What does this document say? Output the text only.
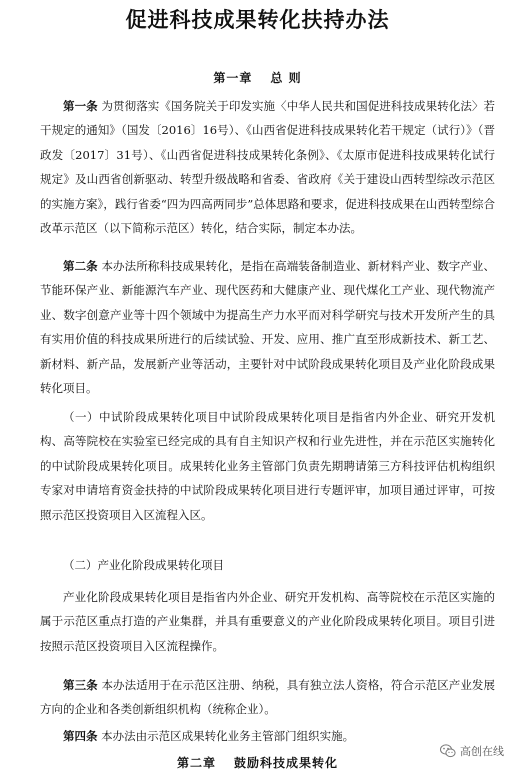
促进科技成果转化扶持办法
第一章 总 则

第一条 为贯彻落实《国务院关于印发实施〈中华人民共和国促进科技成果转化法〉若干规定的通知》（国发〔2016〕16号）、《山西省促进科技成果转化若干规定（试行）》（晋政发〔2017〕31号）、《山西省促进科技成果转化条例》、《太原市促进科技成果转化试行规定》及山西省创新驱动、转型升级战略和省委、省政府《关于建设山西转型综改示范区的实施方案》，践行省委“四为四高两同步”总体思路和要求，促进科技成果在山西转型综合改革示范区（以下简称示范区）转化，结合实际，制定本办法。

第二条 本办法所称科技成果转化，是指在高端装备制造业、新材料产业、数字产业、节能环保产业、新能源汽车产业、现代医药和大健康产业、现代煤化工产业、现代物流产业、数字创意产业等十四个领域中为提高生产力水平而对科学研究与技术开发所产生的具有实用价值的科技成果所进行的后续试验、开发、应用、推广直至形成新技术、新工艺、新材料、新产品，发展新产业等活动，主要针对中试阶段成果转化项目及产业化阶段成果转化项目。

（一）中试阶段成果转化项目中试阶段成果转化项目是指省内外企业、研究开发机构、高等院校在实验室已经完成的具有自主知识产权和行业先进性，并在示范区实施转化的中试阶段成果转化项目。成果转化业务主管部门负责先期聘请第三方科技评估机构组织专家对申请培育资金扶持的中试阶段成果转化项目进行专题评审，加项目通过评审，可按照示范区投资项目入区流程入区。

（二）产业化阶段成果转化项目

产业化阶段成果转化项目是指省内外企业、研究开发机构、高等院校在示范区实施的属于示范区重点打造的产业集群，并具有重要意义的产业化阶段成果转化项目。项目引进按照示范区投资项目入区流程操作。

第三条 本办法适用于在示范区注册、纳税，具有独立法人资格，符合示范区产业发展方向的企业和各类创新组织机构（统称企业）。

第四条 本办法由示范区成果转化业务主管部门组织实施。

第二章 鼓励科技成果转化
高创在线
